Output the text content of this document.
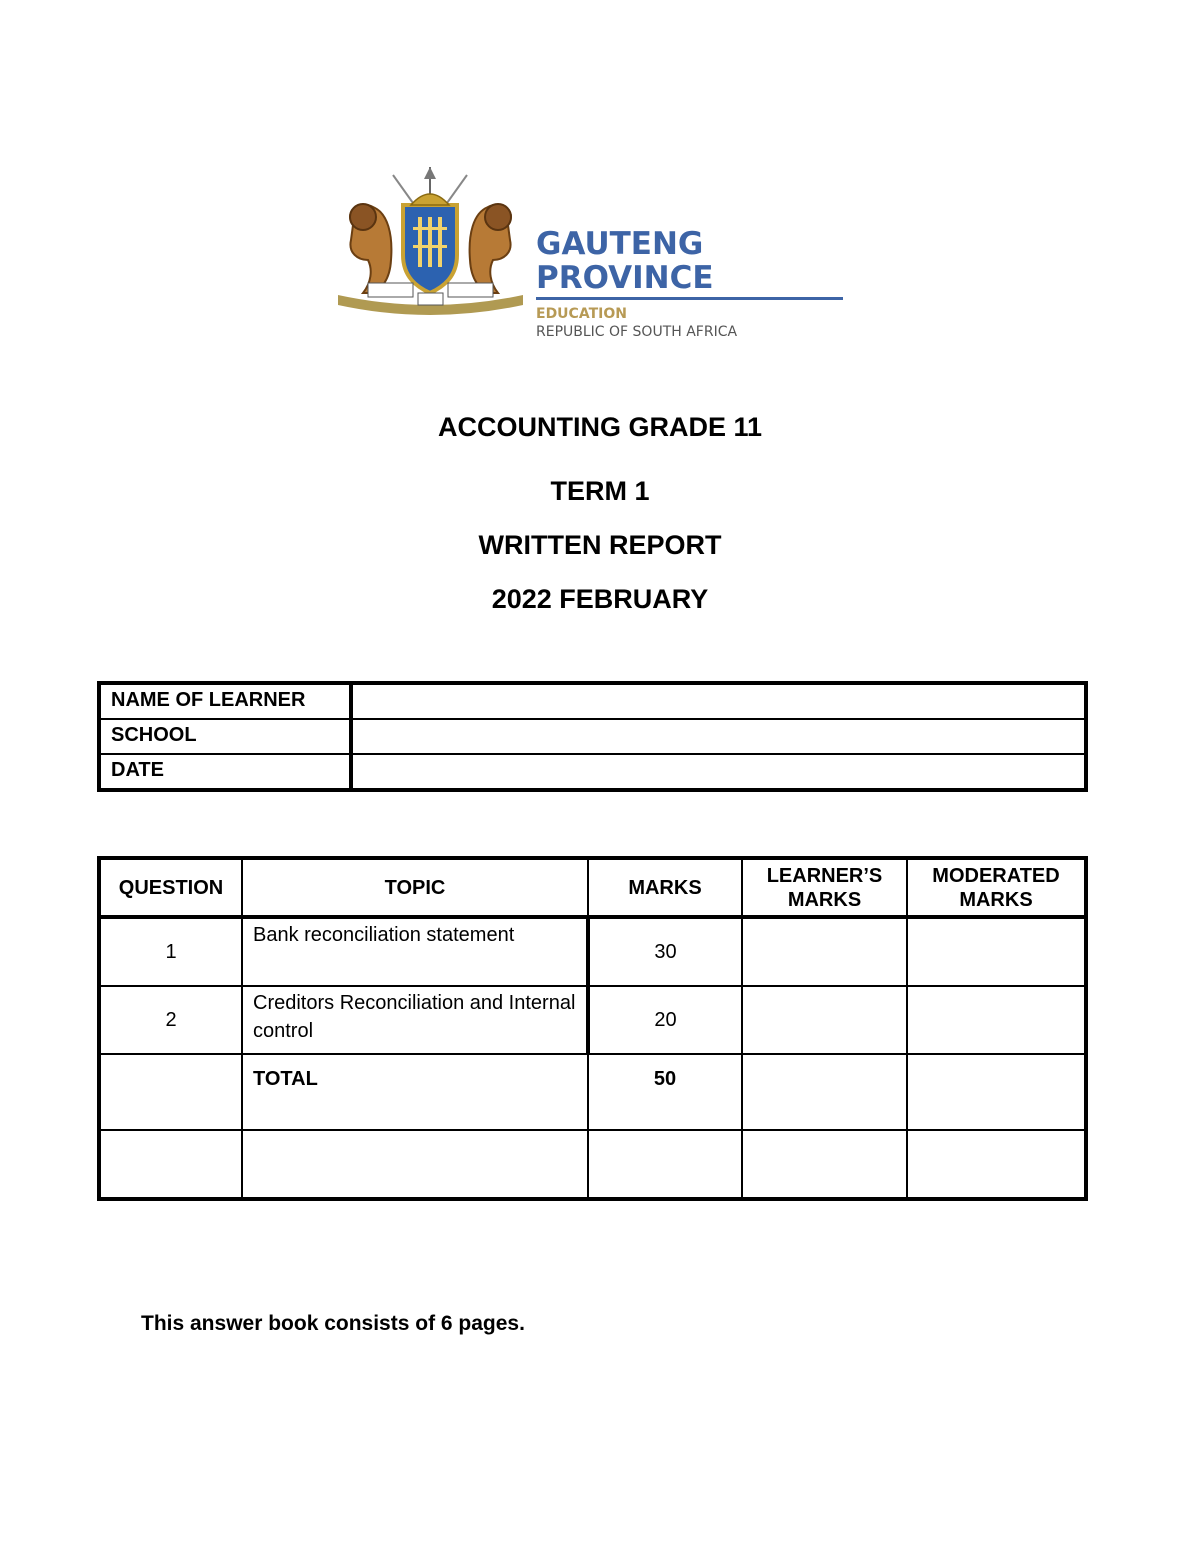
GAUTENG PROVINCE
EDUCATION
REPUBLIC OF SOUTH AFRICA
ACCOUNTING GRADE 11
TERM 1
WRITTEN REPORT
2022 FEBRUARY
NAME OF LEARNER	
SCHOOL	
DATE	
QUESTION	TOPIC	MARKS	LEARNER’S MARKS	MODERATED MARKS
1	Bank reconciliation statement	30		
2	Creditors Reconciliation and Internal control	20		
	TOTAL	50		

This answer book consists of 6 pages.
